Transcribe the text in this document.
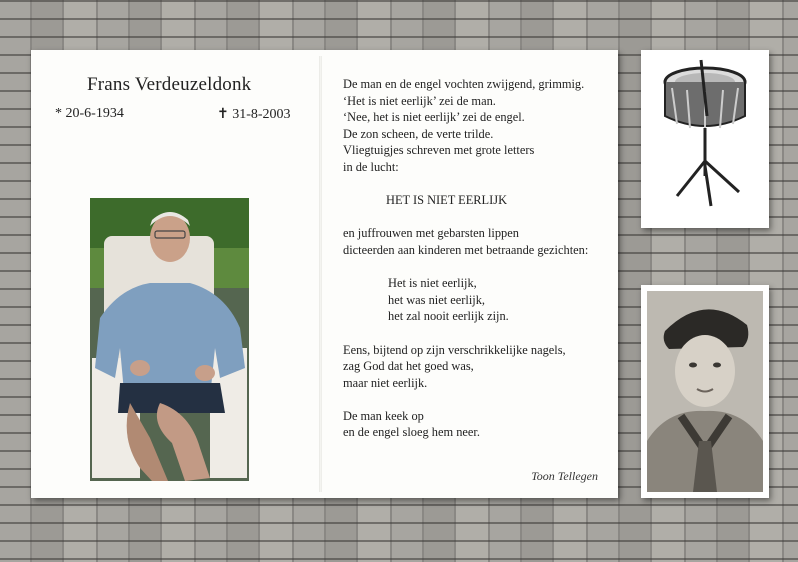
Frans Verdeuzeldonk
* 20-6-1934	✝ 31-8-2003
De man en de engel vochten zwijgend, grimmig.
‘Het is niet eerlijk’ zei de man.
‘Nee, het is niet eerlijk’ zei de engel.
De zon scheen, de verte trilde.
Vliegtuigjes schreven met grote letters
in de lucht:
HET IS NIET EERLIJK
en juffrouwen met gebarsten lippen
dicteerden aan kinderen met betraande gezichten:
Het is niet eerlijk,
het was niet eerlijk,
het zal nooit eerlijk zijn.
Eens, bijtend op zijn verschrikkelijke nagels,
zag God dat het goed was,
maar niet eerlijk.
De man keek op
en de engel sloeg hem neer.
Toon Tellegen
